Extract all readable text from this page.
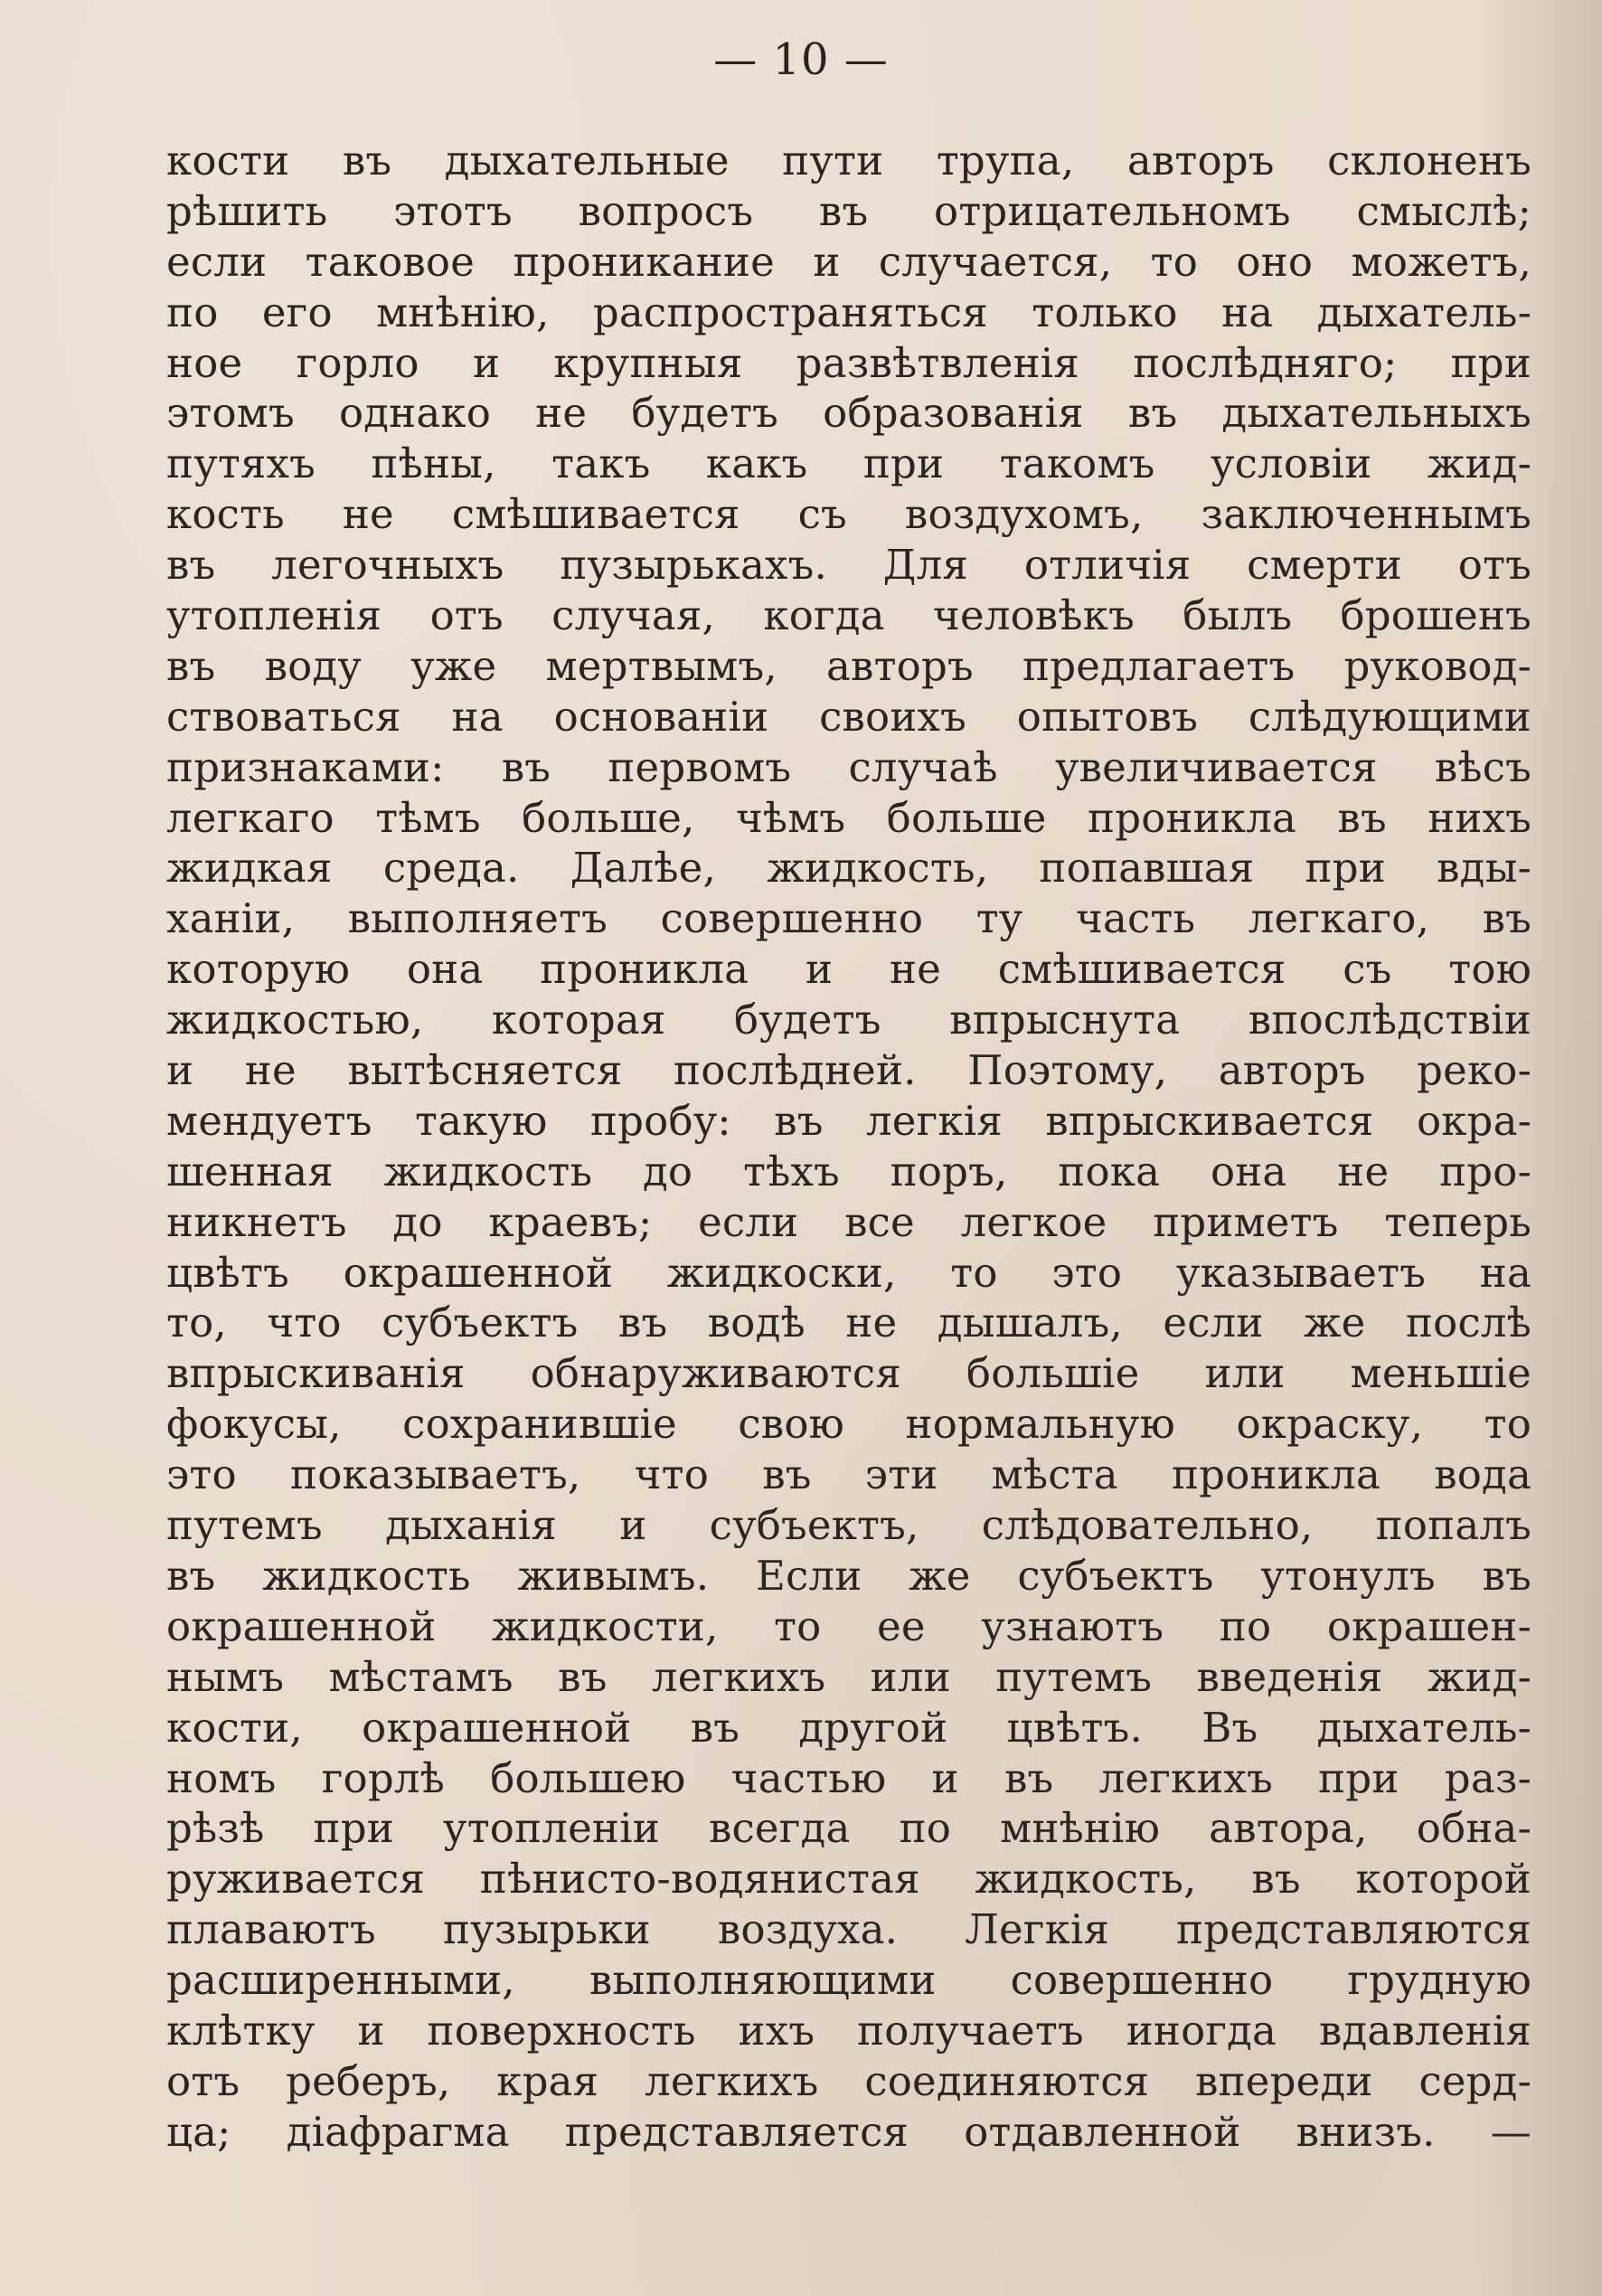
— 10 —
кости въ дыхательные пути трупа, авторъ склоненъ
рѣшить этотъ вопросъ въ отрицательномъ смыслѣ;
если таковое проникание и случается, то оно можетъ,
по его мнѣнію, распространяться только на дыхатель-
ное горло и крупныя развѣтвленія послѣдняго; при
этомъ однако не будетъ образованія въ дыхательныхъ
путяхъ пѣны, такъ какъ при такомъ условіи жид-
кость не смѣшивается съ воздухомъ, заключеннымъ
въ легочныхъ пузырькахъ. Для отличія смерти отъ
утопленія отъ случая, когда человѣкъ былъ брошенъ
въ воду уже мертвымъ, авторъ предлагаетъ руковод-
ствоваться на основаніи своихъ опытовъ слѣдующими
признаками: въ первомъ случаѣ увеличивается вѣсъ
легкаго тѣмъ больше, чѣмъ больше проникла въ нихъ
жидкая среда. Далѣе, жидкость, попавшая при вды-
ханіи, выполняетъ совершенно ту часть легкаго, въ
которую она проникла и не смѣшивается съ тою
жидкостью, которая будетъ впрыснута впослѣдствіи
и не вытѣсняется послѣдней. Поэтому, авторъ реко-
мендуетъ такую пробу: въ легкія впрыскивается окра-
шенная жидкость до тѣхъ поръ, пока она не про-
никнетъ до краевъ; если все легкое приметъ теперь
цвѣтъ окрашенной жидкоски, то это указываетъ на
то, что субъектъ въ водѣ не дышалъ, если же послѣ
впрыскиванія обнаруживаются большіе или меньшіе
фокусы, сохранившіе свою нормальную окраску, то
это показываетъ, что въ эти мѣста проникла вода
путемъ дыханія и субъектъ, слѣдовательно, попалъ
въ жидкость живымъ. Если же субъектъ утонулъ въ
окрашенной жидкости, то ее узнаютъ по окрашен-
нымъ мѣстамъ въ легкихъ или путемъ введенія жид-
кости, окрашенной въ другой цвѣтъ. Въ дыхатель-
номъ горлѣ большею частью и въ легкихъ при раз-
рѣзѣ при утопленіи всегда по мнѣнію автора, обна-
руживается пѣнисто-водянистая жидкость, въ которой
плаваютъ пузырьки воздуха. Легкія представляются
расширенными, выполняющими совершенно грудную
клѣтку и поверхность ихъ получаетъ иногда вдавленія
отъ реберъ, края легкихъ соединяются впереди серд-
ца; діафрагма представляется отдавленной внизъ. —
